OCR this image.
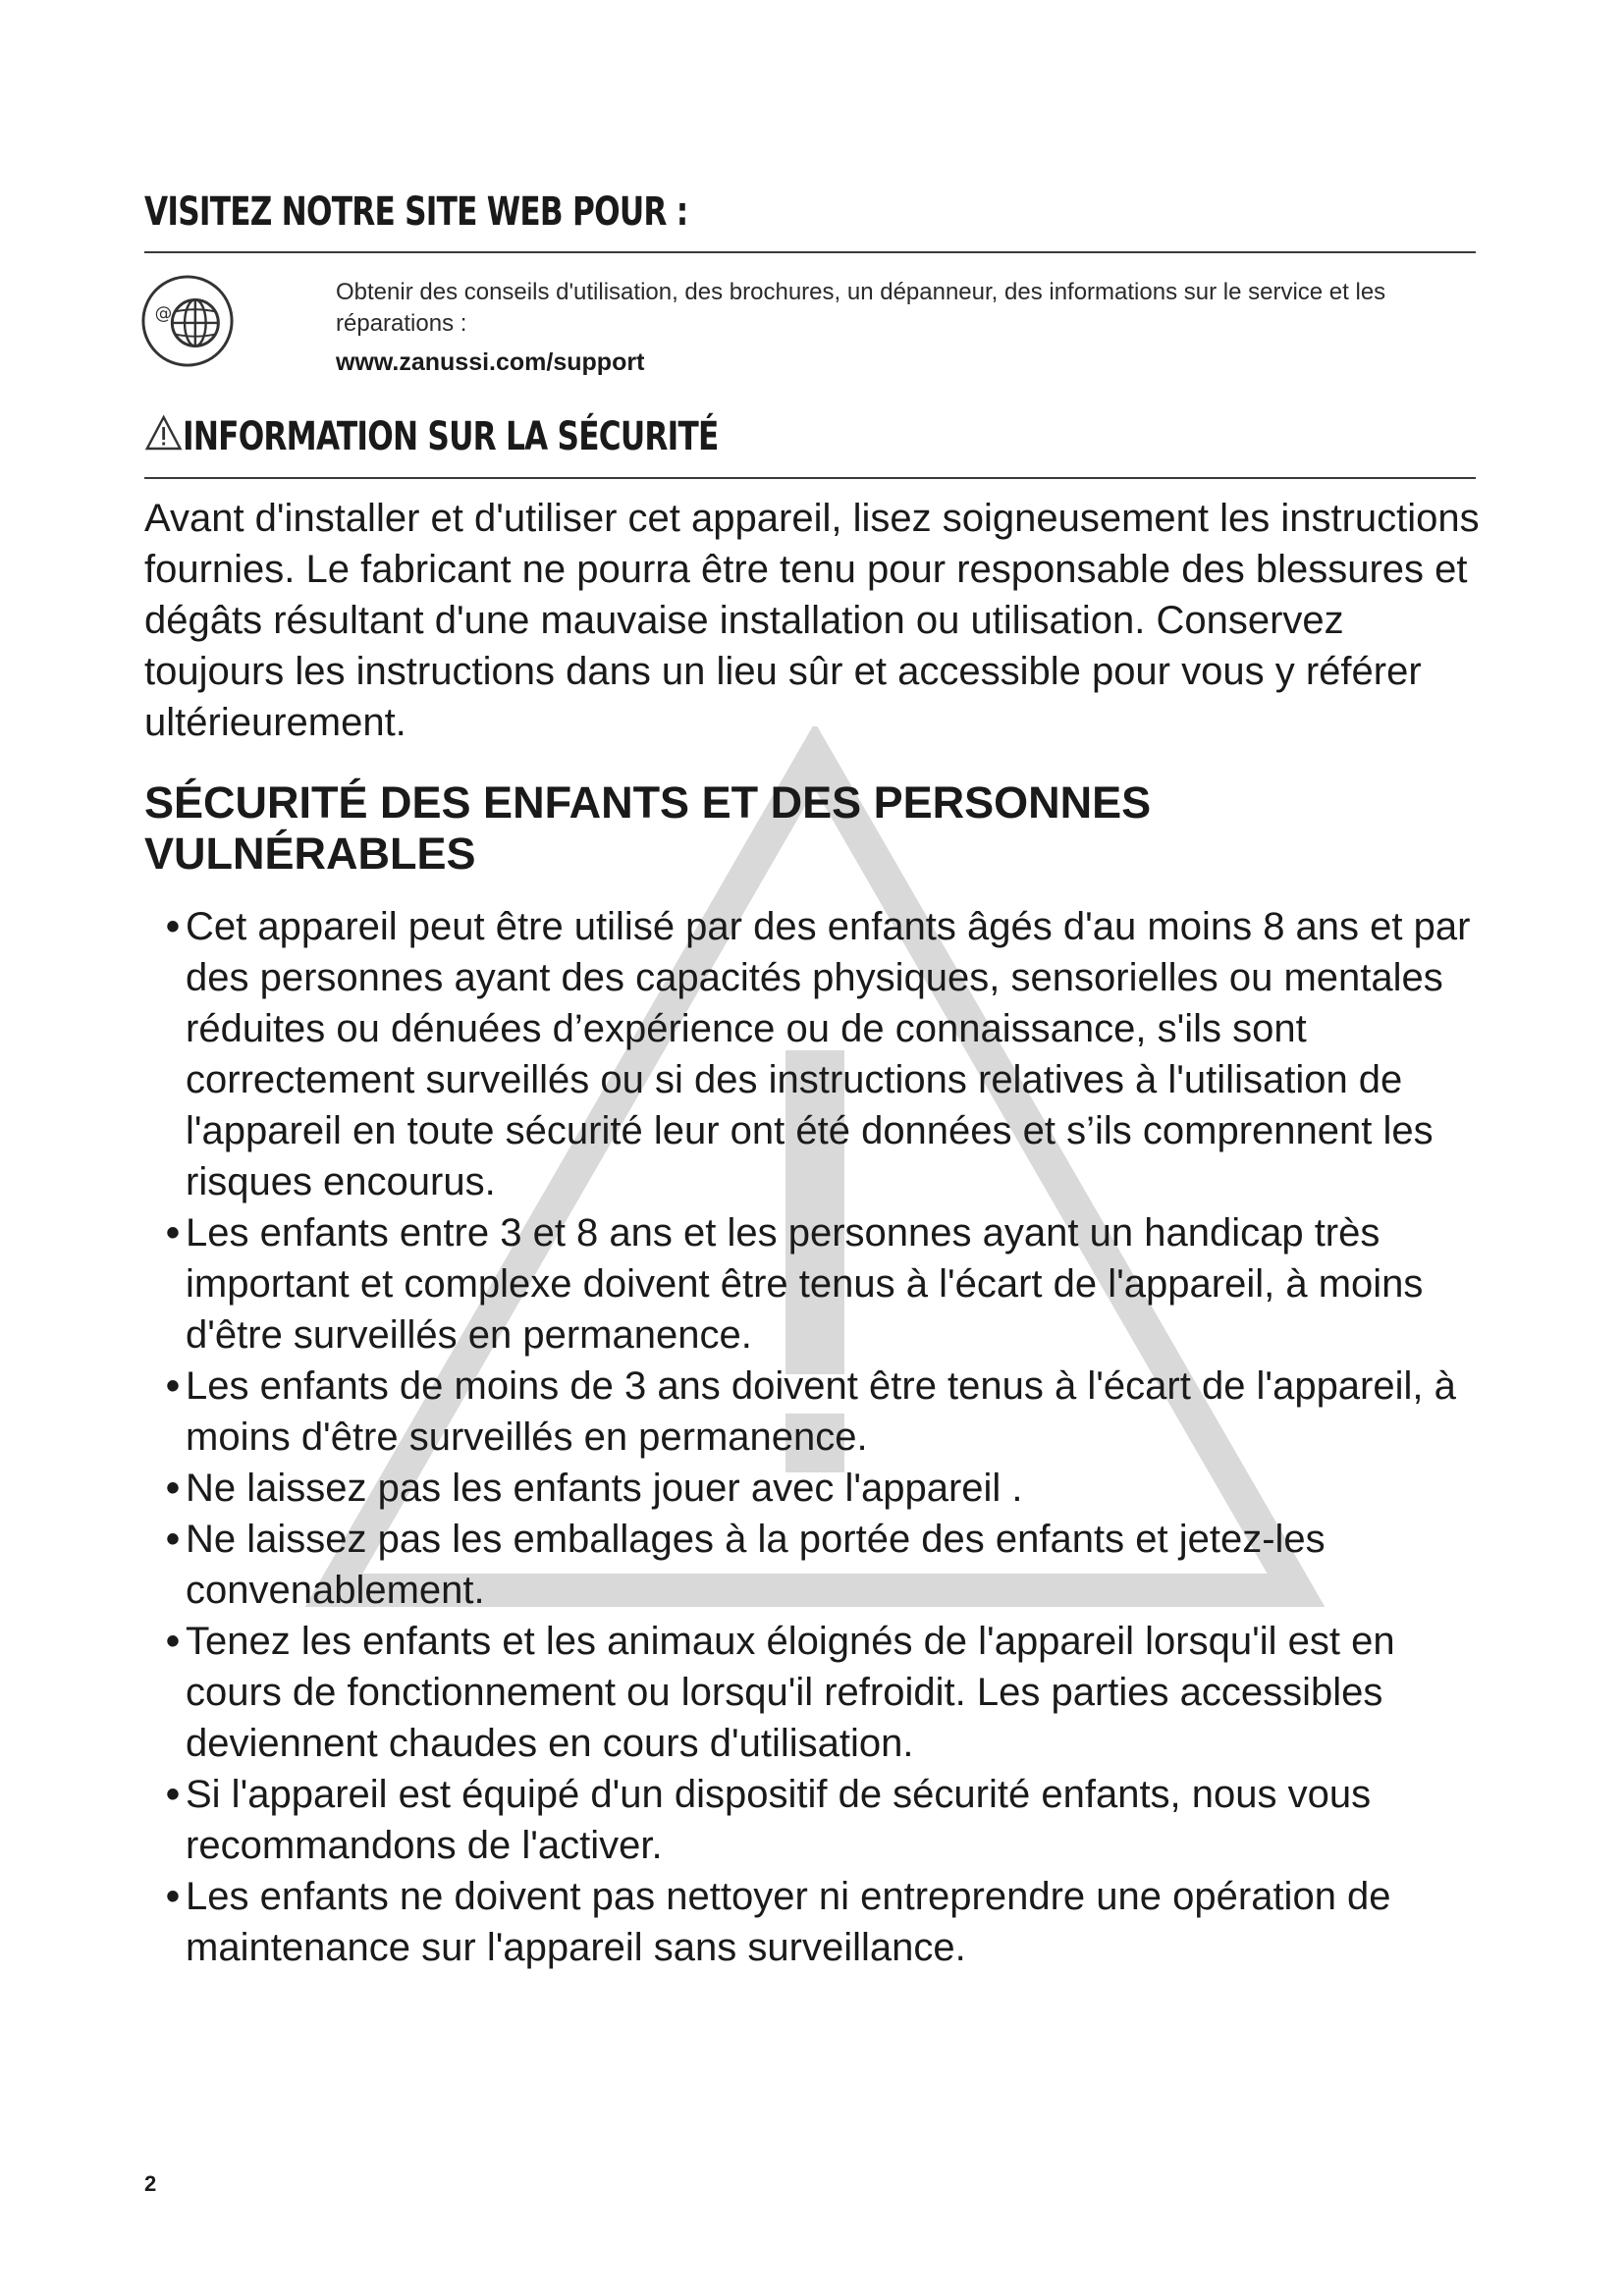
VISITEZ NOTRE SITE WEB POUR :
@
Obtenir des conseils d'utilisation, des brochures, un dépanneur, des informations sur le service et les réparations :
www.zanussi.com/support
INFORMATION SUR LA SÉCURITÉ
Avant d'installer et d'utiliser cet appareil, lisez soigneusement les instructions fournies. Le fabricant ne pourra être tenu pour responsable des blessures et dégâts résultant d'une mauvaise installation ou utilisation. Conservez toujours les instructions dans un lieu sûr et accessible pour vous y référer ultérieurement.
SÉCURITÉ DES ENFANTS ET DES PERSONNES VULNÉRABLES
• Cet appareil peut être utilisé par des enfants âgés d'au moins 8 ans et par des personnes ayant des capacités physiques, sensorielles ou mentales réduites ou dénuées d’expérience ou de connaissance, s'ils sont correctement surveillés ou si des instructions relatives à l'utilisation de l'appareil en toute sécurité leur ont été données et s’ils comprennent les risques encourus.
• Les enfants entre 3 et 8 ans et les personnes ayant un handicap très important et complexe doivent être tenus à l'écart de l'appareil, à moins d'être surveillés en permanence.
• Les enfants de moins de 3 ans doivent être tenus à l'écart de l'appareil, à moins d'être surveillés en permanence.
• Ne laissez pas les enfants jouer avec l'appareil .
• Ne laissez pas les emballages à la portée des enfants et jetez-les convenablement.
• Tenez les enfants et les animaux éloignés de l'appareil lorsqu'il est en cours de fonctionnement ou lorsqu'il refroidit. Les parties accessibles deviennent chaudes en cours d'utilisation.
• Si l'appareil est équipé d'un dispositif de sécurité enfants, nous vous recommandons de l'activer.
• Les enfants ne doivent pas nettoyer ni entreprendre une opération de maintenance sur l'appareil sans surveillance.
2
